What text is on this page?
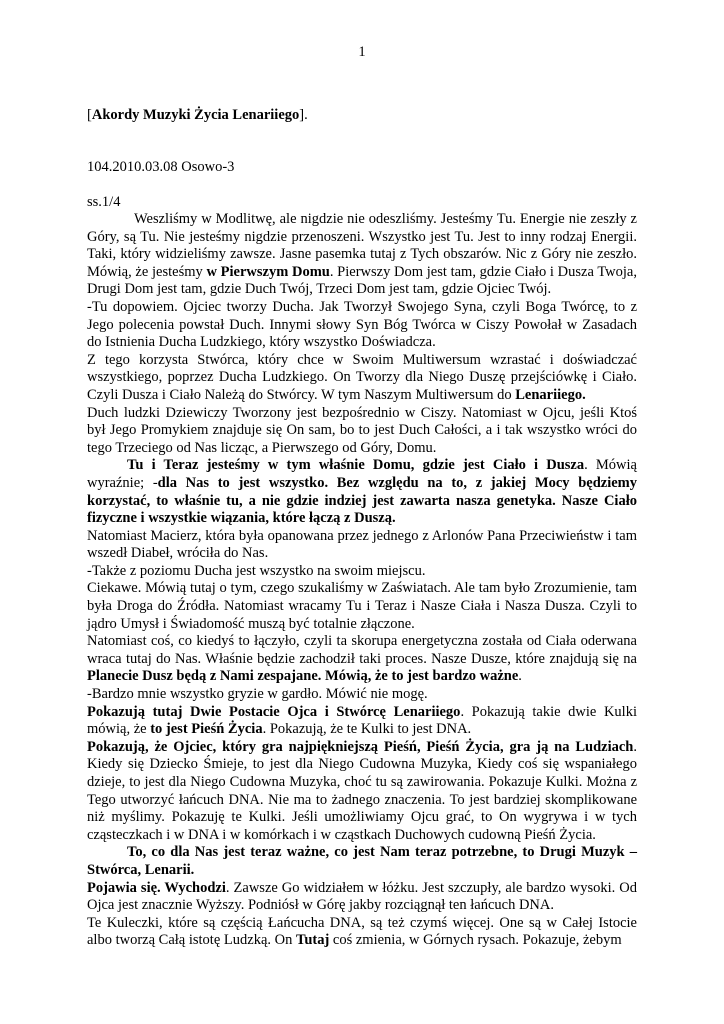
1
[Akordy Muzyki Życia Lenariiego].
104.2010.03.08 Osowo-3
ss.1/4

Weszliśmy w Modlitwę, ale nigdzie nie odeszliśmy. Jesteśmy Tu. Energie nie zeszły z Góry, są Tu. Nie jesteśmy nigdzie przenoszeni. Wszystko jest Tu. Jest to inny rodzaj Energii. Taki, który widzieliśmy zawsze. Jasne pasemka tutaj z Tych obszarów. Nic z Góry nie zeszło. Mówią, że jesteśmy w Pierwszym Domu. Pierwszy Dom jest tam, gdzie Ciało i Dusza Twoja, Drugi Dom jest tam, gdzie Duch Twój, Trzeci Dom jest tam, gdzie Ojciec Twój.

-Tu dopowiem. Ojciec tworzy Ducha. Jak Tworzył Swojego Syna, czyli Boga Twórcę, to z Jego polecenia powstał Duch. Innymi słowy Syn Bóg Twórca w Ciszy Powołał w Zasadach do Istnienia Ducha Ludzkiego, który wszystko Doświadcza.

Z tego korzysta Stwórca, który chce w Swoim Multiwersum wzrastać i doświadczać wszystkiego, poprzez Ducha Ludzkiego. On Tworzy dla Niego Duszę przejściówkę i Ciało. Czyli Dusza i Ciało Należą do Stwórcy. W tym Naszym Multiwersum do Lenariiego.

Duch ludzki Dziewiczy Tworzony jest bezpośrednio w Ciszy. Natomiast w Ojcu, jeśli Ktoś był Jego Promykiem znajduje się On sam, bo to jest Duch Całości, a i tak wszystko wróci do tego Trzeciego od Nas licząc, a Pierwszego od Góry, Domu.

Tu i Teraz jesteśmy w tym właśnie Domu, gdzie jest Ciało i Dusza. Mówią wyraźnie; -dla Nas to jest wszystko. Bez względu na to, z jakiej Mocy będziemy korzystać, to właśnie tu, a nie gdzie indziej jest zawarta nasza genetyka. Nasze Ciało fizyczne i wszystkie wiązania, które łączą z Duszą.

Natomiast Macierz, która była opanowana przez jednego z Arlonów Pana Przeciwieństw i tam wszedł Diabeł, wróciła do Nas.

-Także z poziomu Ducha jest wszystko na swoim miejscu.

Ciekawe. Mówią tutaj o tym, czego szukaliśmy w Zaświatach. Ale tam było Zrozumienie, tam była Droga do Źródła. Natomiast wracamy Tu i Teraz i Nasze Ciała i Nasza Dusza. Czyli to jądro Umysł i Świadomość muszą być totalnie złączone.

Natomiast coś, co kiedyś to łączyło, czyli ta skorupa energetyczna została od Ciała oderwana wraca tutaj do Nas. Właśnie będzie zachodził taki proces. Nasze Dusze, które znajdują się na Planecie Dusz będą z Nami zespajane. Mówią, że to jest bardzo ważne.

-Bardzo mnie wszystko gryzie w gardło. Mówić nie mogę.

Pokazują tutaj Dwie Postacie Ojca i Stwórcę Lenariiego. Pokazują takie dwie Kulki mówią, że to jest Pieśń Życia. Pokazują, że te Kulki to jest DNA.

Pokazują, że Ojciec, który gra najpiękniejszą Pieśń, Pieśń Życia, gra ją na Ludziach. Kiedy się Dziecko Śmieje, to jest dla Niego Cudowna Muzyka, Kiedy coś się wspaniałego dzieje, to jest dla Niego Cudowna Muzyka, choć tu są zawirowania. Pokazuje Kulki. Można z Tego utworzyć łańcuch DNA. Nie ma to żadnego znaczenia. To jest bardziej skomplikowane niż myślimy. Pokazuję te Kulki. Jeśli umożliwiamy Ojcu grać, to On wygrywa i w tych cząsteczkach i w DNA i w komórkach i w cząstkach Duchowych cudowną Pieśń Życia.

To, co dla Nas jest teraz ważne, co jest Nam teraz potrzebne, to Drugi Muzyk – Stwórca, Lenarii.

Pojawia się. Wychodzi. Zawsze Go widziałem w łóżku. Jest szczupły, ale bardzo wysoki. Od Ojca jest znacznie Wyższy. Podniósł w Górę jakby rozciągnął ten łańcuch DNA.

Te Kuleczki, które są częścią Łańcucha DNA, są też czymś więcej. One są w Całej Istocie albo tworzą Całą istotę Ludzką. On Tutaj coś zmienia, w Górnych rysach. Pokazuje, żebym
